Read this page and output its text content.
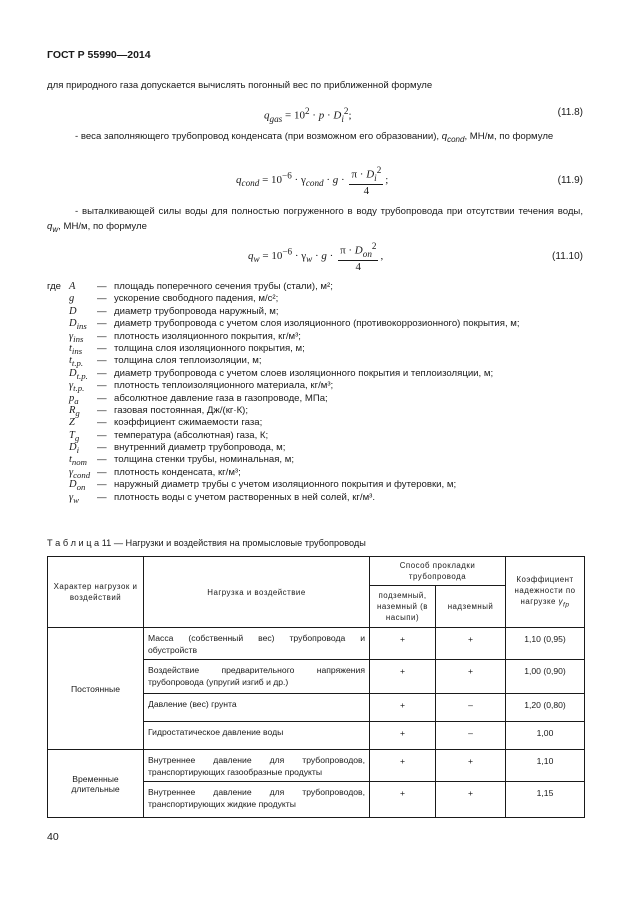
ГОСТ Р 55990—2014
для природного газа допускается вычислять погонный вес по приближенной формуле
$q_{gas} = 10^2 \cdot p \cdot D_i^2$;	(11.8)
- веса заполняющего трубопровод конденсата (при возможном его образовании), $q_{cond}$, МН/м, по формуле
$q_{cond} = 10^{-6} \cdot \gamma_{cond} \cdot g \cdot \frac{\pi \cdot D_i^2}{4}$ ;	(11.9)
- выталкивающей силы воды для полностью погруженного в воду трубопровода при отсутствии течения воды, $q_w$, МН/м, по формуле
$q_w = 10^{-6} \cdot \gamma_w \cdot g \cdot \frac{\pi \cdot D_{on}^2}{4}$ ,	(11.10)
где A — площадь поперечного сечения трубы (стали), м²;
g — ускорение свободного падения, м/с²;
D — диаметр трубопровода наружный, м;
$D_{ins}$ — диаметр трубопровода с учетом слоя изоляционного (противокоррозионного) покрытия, м;
$\gamma_{ins}$ — плотность изоляционного покрытия, кг/м³;
$t_{ins}$ — толщина слоя изоляционного покрытия, м;
$t_{t.p.}$ — толщина слоя теплоизоляции, м;
$D_{t.p.}$ — диаметр трубопровода с учетом слоев изоляционного покрытия и теплоизоляции, м;
$\gamma_{t.p.}$ — плотность теплоизоляционного материала, кг/м³;
$p_a$ — абсолютное давление газа в газопроводе, МПа;
$R_g$ — газовая постоянная, Дж/(кг·К);
Z — коэффициент сжимаемости газа;
$T_g$ — температура (абсолютная) газа, К;
$D_i$ — внутренний диаметр трубопровода, м;
$t_{nom}$ — толщина стенки трубы, номинальная, м;
$\gamma_{cond}$ — плотность конденсата, кг/м³;
$D_{on}$ — наружный диаметр трубы с учетом изоляционного покрытия и футеровки, м;
$\gamma_w$ — плотность воды с учетом растворенных в ней солей, кг/м³.
Т а б л и ц а 11 — Нагрузки и воздействия на промысловые трубопроводы
Характер нагрузок и воздействий	Нагрузка и воздействие	Способ прокладки трубопровода		Коэффициент надежности по нагрузке $\gamma_{fp}$
		подземный, наземный (в насыпи)	надземный	
Постоянные	Масса (собственный вес) трубопровода и обустройств	+	+	1,10 (0,95)
	Воздействие предварительного напряжения трубопровода (упругий изгиб и др.)	+	+	1,00 (0,90)
	Давление (вес) грунта	+	–	1,20 (0,80)
	Гидростатическое давление воды	+	–	1,00
Временные длительные	Внутреннее давление для трубопроводов, транспортирующих газообразные продукты	+	+	1,10
	Внутреннее давление для трубопроводов, транспортирующих жидкие продукты	+	+	1,15
40
